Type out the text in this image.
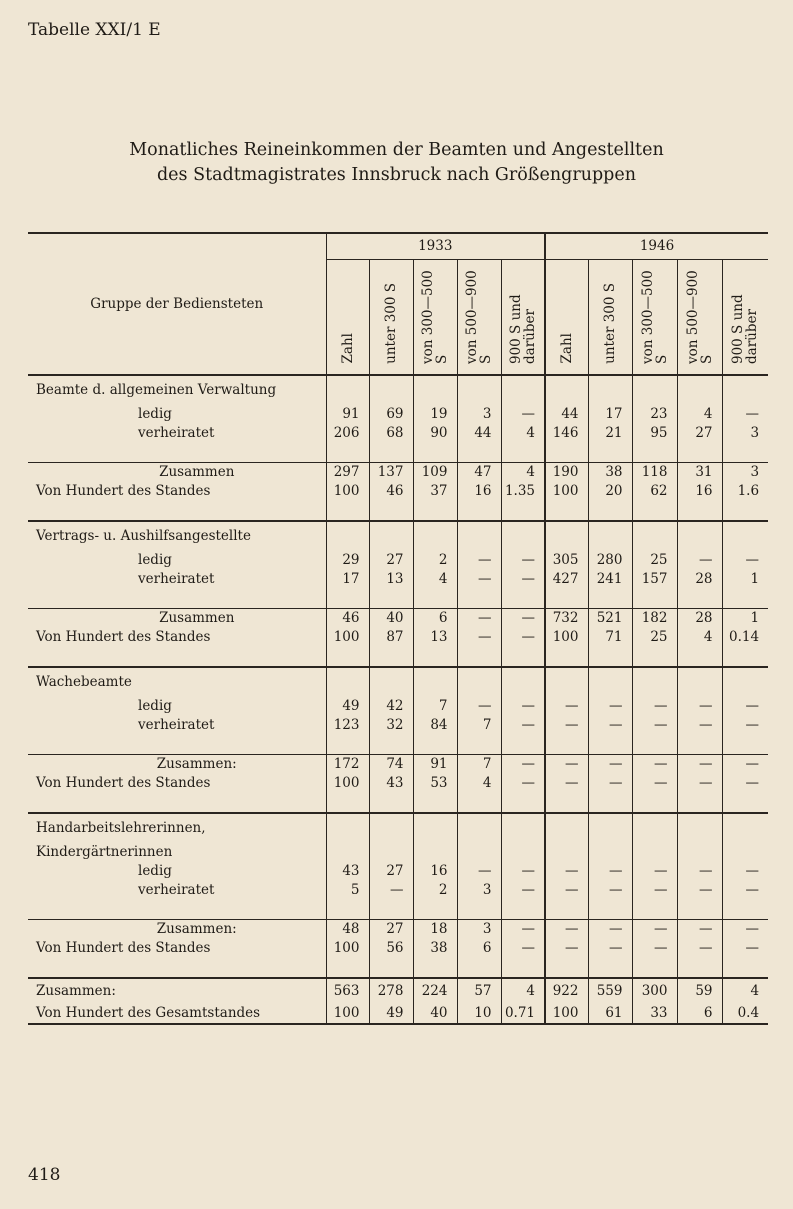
Tabelle XXI/1 E
Monatliches Reineinkommen der Beamten und Angestellten
des Stadtmagistrates Innsbruck nach Größengruppen
Gruppe der Bediensteten	1933					1946				
	Zahl	unter 300 S	von 300—500 S	von 500—900 S	900 S und darüber	Zahl	unter 300 S	von 300—500 S	von 500—900 S	900 S und darüber
Beamte d. allgemeinen Verwaltung										
ledig	91	69	19	3	—	44	17	23	4	—
verheiratet	206	68	90	44	4	146	21	95	27	3

Zusammen	297	137	109	47	4	190	38	118	31	3
Von Hundert des Standes	100	46	37	16	1.35	100	20	62	16	1.6

Vertrags- u. Aushilfsangestellte										
ledig	29	27	2	—	—	305	280	25	—	—
verheiratet	17	13	4	—	—	427	241	157	28	1

Zusammen	46	40	6	—	—	732	521	182	28	1
Von Hundert des Standes	100	87	13	—	—	100	71	25	4	0.14

Wachebeamte										
ledig	49	42	7	—	—	—	—	—	—	—
verheiratet	123	32	84	7	—	—	—	—	—	—

Zusammen:	172	74	91	7	—	—	—	—	—	—
Von Hundert des Standes	100	43	53	4	—	—	—	—	—	—

Handarbeitslehrerinnen,										
Kindergärtnerinnen										
ledig	43	27	16	—	—	—	—	—	—	—
verheiratet	5	—	2	3	—	—	—	—	—	—

Zusammen:	48	27	18	3	—	—	—	—	—	—
Von Hundert des Standes	100	56	38	6	—	—	—	—	—	—

Zusammen:	563	278	224	57	4	922	559	300	59	4
Von Hundert des Gesamtstandes	100	49	40	10	0.71	100	61	33	6	0.4
418
